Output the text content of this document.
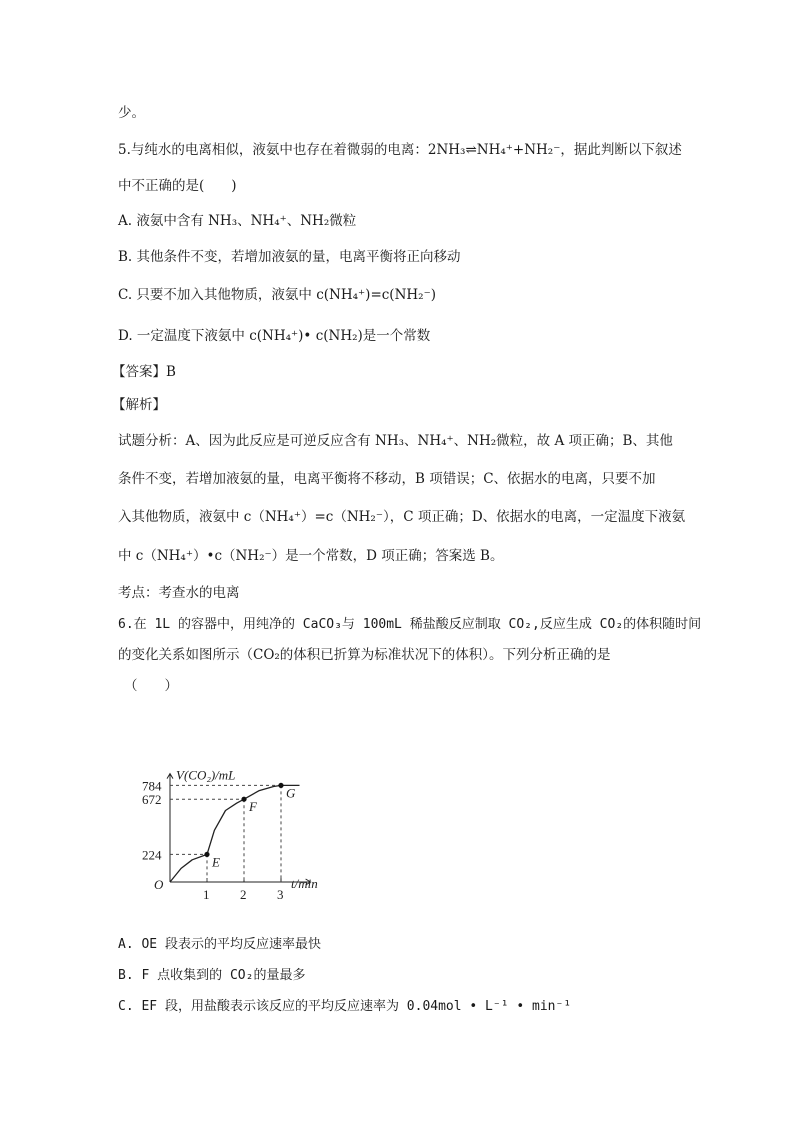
少。
5.与纯水的电离相似，液氨中也存在着微弱的电离：2NH₃⇌NH₄⁺+NH₂⁻，据此判断以下叙述
中不正确的是(　　)
A. 液氨中含有 NH₃、NH₄⁺、NH₂微粒
B. 其他条件不变，若增加液氨的量，电离平衡将正向移动
C. 只要不加入其他物质，液氨中 c(NH₄⁺)=c(NH₂⁻)
D. 一定温度下液氨中 c(NH₄⁺)• c(NH₂)是一个常数
【答案】B
【解析】
试题分析：A、因为此反应是可逆反应含有 NH₃、NH₄⁺、NH₂微粒，故 A 项正确；B、其他
条件不变，若增加液氨的量，电离平衡将不移动，B 项错误；C、依据水的电离，只要不加
入其他物质，液氨中 c（NH₄⁺）=c（NH₂⁻），C 项正确；D、依据水的电离，一定温度下液氨
中 c（NH₄⁺）•c（NH₂⁻）是一个常数，D 项正确；答案选 B。
考点：考查水的电离
6.在 1L 的容器中，用纯净的 CaCO₃与 100mL 稀盐酸反应制取 CO₂,反应生成 CO₂的体积随时间
的变化关系如图所示（CO₂的体积已折算为标准状况下的体积）。下列分析正确的是
（　　）
V(CO₂)/mL
t/min
O
1 2 3
224
672
784
E
F
G
A. OE 段表示的平均反应速率最快
B. F 点收集到的 CO₂的量最多
C. EF 段，用盐酸表示该反应的平均反应速率为 0.04mol • L⁻¹ • min⁻¹
